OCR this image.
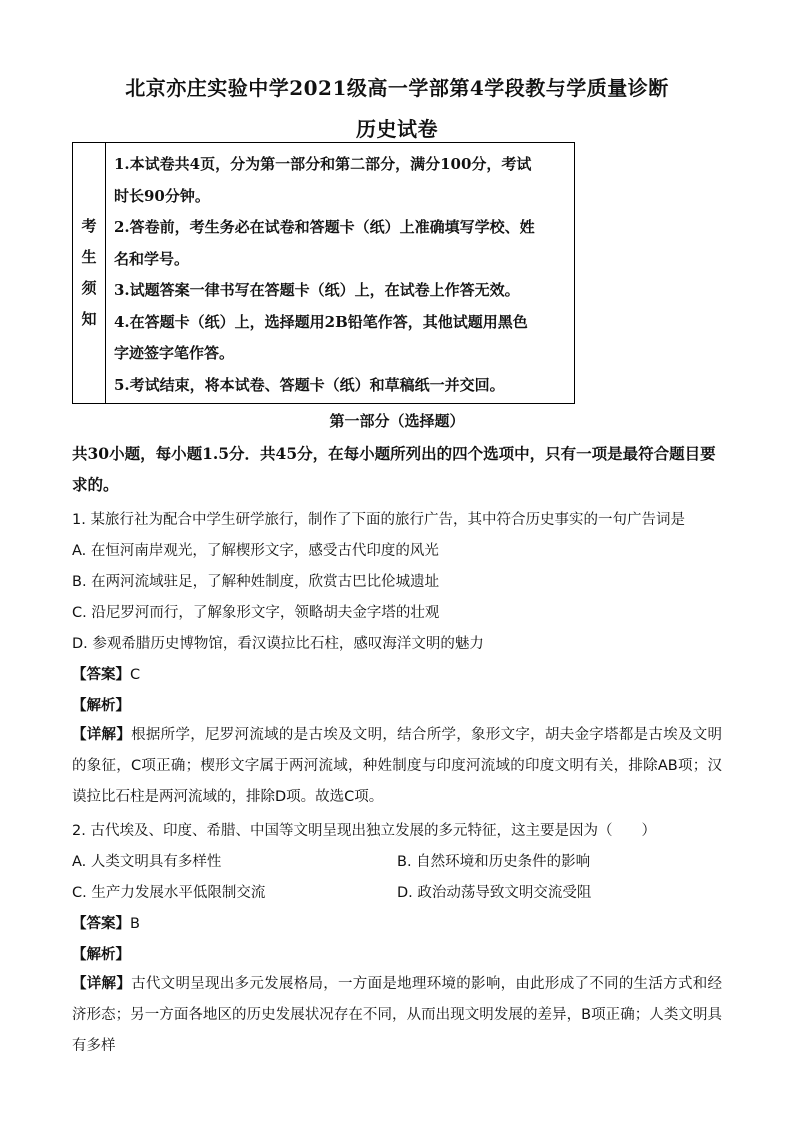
北京亦庄实验中学2021级高一学部第4学段教与学质量诊断
历史试卷
考
生
须
知
1.本试卷共4页，分为第一部分和第二部分，满分100分，考试
时长90分钟。
2.答卷前，考生务必在试卷和答题卡（纸）上准确填写学校、姓
名和学号。
3.试题答案一律书写在答题卡（纸）上，在试卷上作答无效。
4.在答题卡（纸）上，选择题用2B铅笔作答，其他试题用黑色
字迹签字笔作答。
5.考试结束，将本试卷、答题卡（纸）和草稿纸一并交回。
第一部分（选择题）
共30小题，每小题1.5分．共45分，在每小题所列出的四个选项中，只有一项是最符合题目要求的。
1. 某旅行社为配合中学生研学旅行，制作了下面的旅行广告，其中符合历史事实的一句广告词是
A. 在恒河南岸观光，了解楔形文字，感受古代印度的风光
B. 在两河流域驻足，了解种姓制度，欣赏古巴比伦城遗址
C. 沿尼罗河而行，了解象形文字，领略胡夫金字塔的壮观
D. 参观希腊历史博物馆，看汉谟拉比石柱，感叹海洋文明的魅力
【答案】C
【解析】
【详解】根据所学，尼罗河流域的是古埃及文明，结合所学，象形文字，胡夫金字塔都是古埃及文明的象征，C项正确；楔形文字属于两河流域，种姓制度与印度河流域的印度文明有关，排除AB项；汉谟拉比石柱是两河流域的，排除D项。故选C项。
2. 古代埃及、印度、希腊、中国等文明呈现出独立发展的多元特征，这主要是因为（　　）
A. 人类文明具有多样性	B. 自然环境和历史条件的影响
C. 生产力发展水平低限制交流	D. 政治动荡导致文明交流受阻
【答案】B
【解析】
【详解】古代文明呈现出多元发展格局，一方面是地理环境的影响，由此形成了不同的生活方式和经济形态；另一方面各地区的历史发展状况存在不同，从而出现文明发展的差异，B项正确；人类文明具有多样
